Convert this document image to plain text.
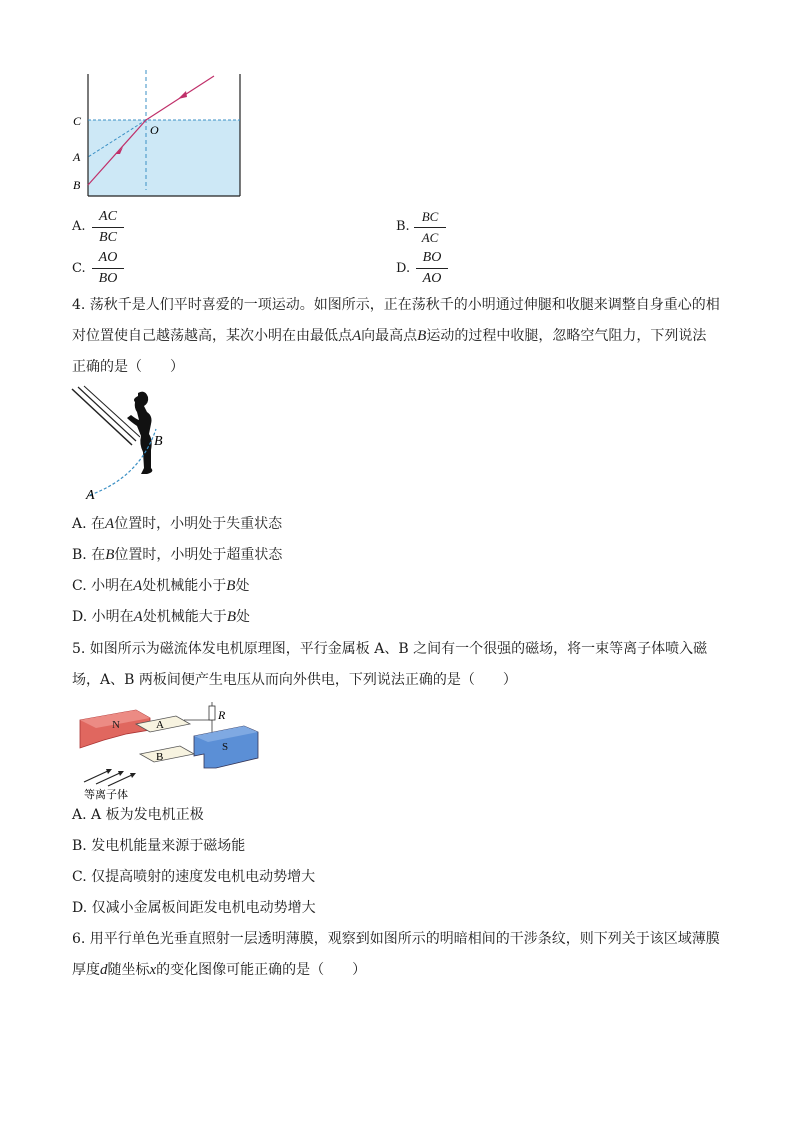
C
A
B
O
A.
AC
BC
B.
BC
AC
C.
AO
BO
D.
BO
AO
4. 荡秋千是人们平时喜爱的一项运动。如图所示，正在荡秋千的小明通过伸腿和收腿来调整自身重心的相
对位置使自己越荡越高，某次小明在由最低点A向最高点B运动的过程中收腿，忽略空气阻力，下列说法
正确的是（　　）
B
A
A. 在A位置时，小明处于失重状态
B. 在B位置时，小明处于超重状态
C. 小明在A处机械能小于B处
D. 小明在A处机械能大于B处
5. 如图所示为磁流体发电机原理图，平行金属板 A、B 之间有一个很强的磁场，将一束等离子体喷入磁
场，A、B 两板间便产生电压从而向外供电，下列说法正确的是（　　）
N	A
R
S
B
等离子体
A. A 板为发电机正极
B. 发电机能量来源于磁场能
C. 仅提高喷射的速度发电机电动势增大
D. 仅减小金属板间距发电机电动势增大
6. 用平行单色光垂直照射一层透明薄膜，观察到如图所示的明暗相间的干涉条纹，则下列关于该区域薄膜
厚度d随坐标x的变化图像可能正确的是（　　）
